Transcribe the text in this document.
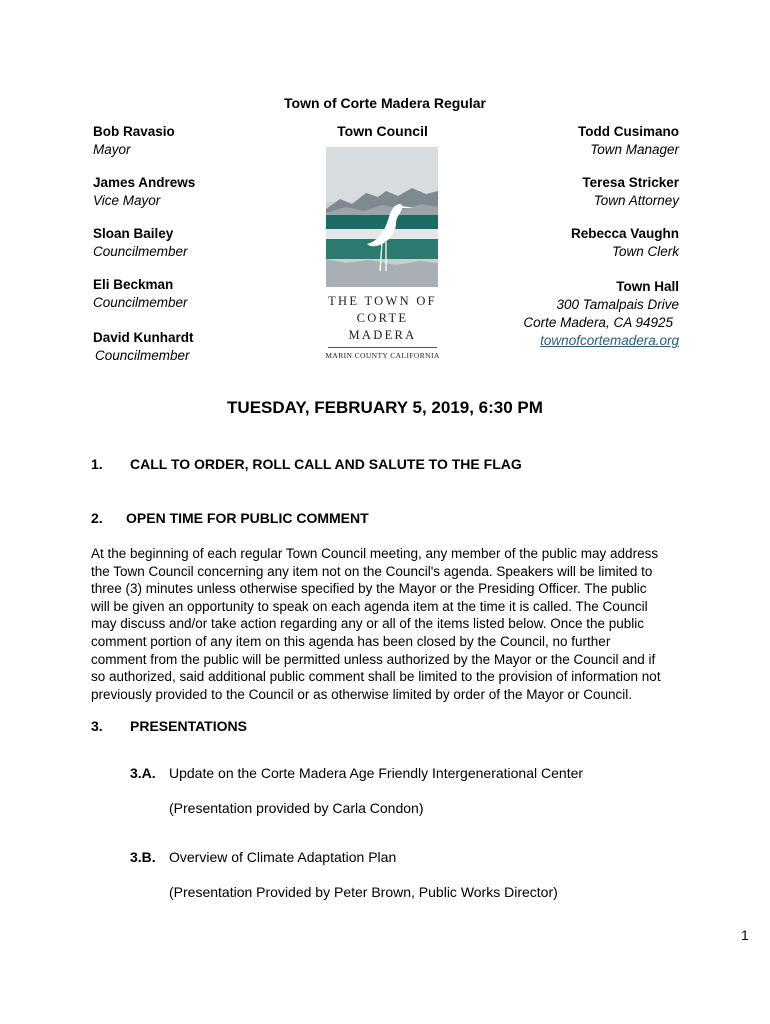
Town of Corte Madera Regular
Town Council
Bob Ravasio
Mayor
James Andrews
Vice Mayor
Sloan Bailey
Councilmember
Eli Beckman
Councilmember
David Kunhardt
Councilmember
Todd Cusimano
Town Manager
Teresa Stricker
Town Attorney
Rebecca Vaughn
Town Clerk
Town Hall
300 Tamalpais Drive
Corte Madera, CA 94925
townofcortemadera.org
THE TOWN OF
CORTE MADERA
MARIN COUNTY CALIFORNIA
TUESDAY, FEBRUARY 5, 2019, 6:30 PM
1. CALL TO ORDER, ROLL CALL AND SALUTE TO THE FLAG
2. OPEN TIME FOR PUBLIC COMMENT
At the beginning of each regular Town Council meeting, any member of the public may address
the Town Council concerning any item not on the Council's agenda. Speakers will be limited to
three (3) minutes unless otherwise specified by the Mayor or the Presiding Officer. The public
will be given an opportunity to speak on each agenda item at the time it is called. The Council
may discuss and/or take action regarding any or all of the items listed below. Once the public
comment portion of any item on this agenda has been closed by the Council, no further
comment from the public will be permitted unless authorized by the Mayor or the Council and if
so authorized, said additional public comment shall be limited to the provision of information not
previously provided to the Council or as otherwise limited by order of the Mayor or Council.
3. PRESENTATIONS
3.A. Update on the Corte Madera Age Friendly Intergenerational Center
(Presentation provided by Carla Condon)
3.B. Overview of Climate Adaptation Plan
(Presentation Provided by Peter Brown, Public Works Director)
1
